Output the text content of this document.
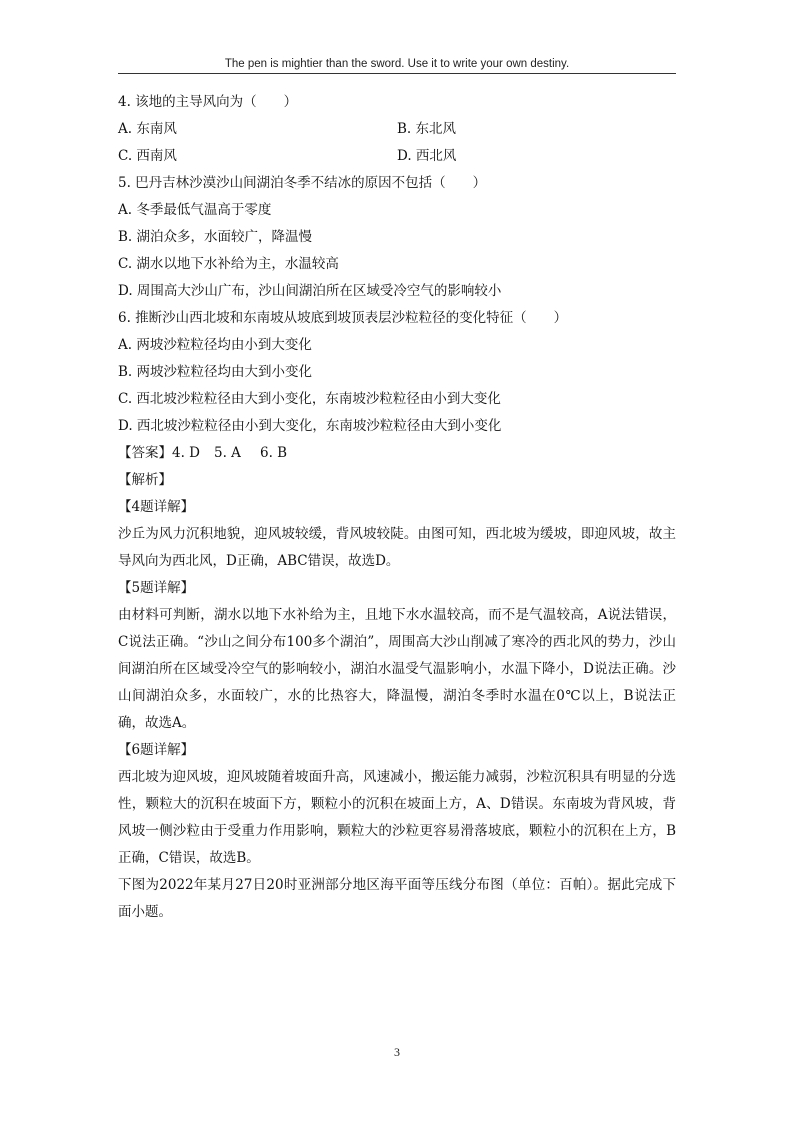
The pen is mightier than the sword. Use it to write your own destiny.
4. 该地的主导风向为（　　）
A. 东南风	B. 东北风
C. 西南风	D. 西北风
5. 巴丹吉林沙漠沙山间湖泊冬季不结冰的原因不包括（　　）
A. 冬季最低气温高于零度
B. 湖泊众多，水面较广，降温慢
C. 湖水以地下水补给为主，水温较高
D. 周围高大沙山广布，沙山间湖泊所在区域受冷空气的影响较小
6. 推断沙山西北坡和东南坡从坡底到坡顶表层沙粒粒径的变化特征（　　）
A. 两坡沙粒粒径均由小到大变化
B. 两坡沙粒粒径均由大到小变化
C. 西北坡沙粒粒径由大到小变化，东南坡沙粒粒径由小到大变化
D. 西北坡沙粒粒径由小到大变化，东南坡沙粒粒径由大到小变化
【答案】4. D 5. A 6. B
【解析】
【4题详解】
沙丘为风力沉积地貌，迎风坡较缓，背风坡较陡。由图可知，西北坡为缓坡，即迎风坡，故主导风向为西北风，D正确，ABC错误，故选D。
【5题详解】
由材料可判断，湖水以地下水补给为主，且地下水水温较高，而不是气温较高，A说法错误，C说法正确。“沙山之间分布100多个湖泊”，周围高大沙山削减了寒冷的西北风的势力，沙山间湖泊所在区域受冷空气的影响较小，湖泊水温受气温影响小，水温下降小，D说法正确。沙山间湖泊众多，水面较广，水的比热容大，降温慢，湖泊冬季时水温在0℃以上，B说法正确，故选A。
【6题详解】
西北坡为迎风坡，迎风坡随着坡面升高，风速减小，搬运能力减弱，沙粒沉积具有明显的分选性，颗粒大的沉积在坡面下方，颗粒小的沉积在坡面上方，A、D错误。东南坡为背风坡，背风坡一侧沙粒由于受重力作用影响，颗粒大的沙粒更容易滑落坡底，颗粒小的沉积在上方，B正确，C错误，故选B。
下图为2022年某月27日20时亚洲部分地区海平面等压线分布图（单位：百帕）。据此完成下面小题。
3
